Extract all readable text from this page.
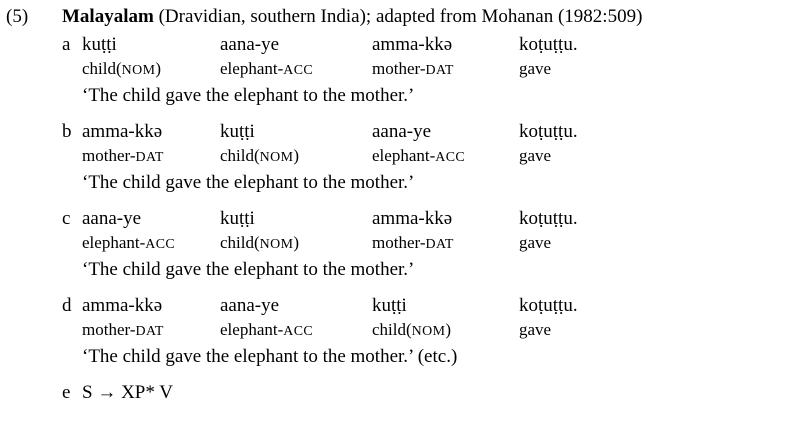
(5)	Malayalam (Dravidian, southern India); adapted from Mohanan (1982:509)
a kuṭṭi	aana-ye	amma-kkə	koṭuṭṭu.
child(NOM)	elephant-ACC	mother-DAT	gave
‘The child gave the elephant to the mother.’
b amma-kkə	kuṭṭi	aana-ye	koṭuṭṭu.
mother-DAT	child(NOM)	elephant-ACC	gave
‘The child gave the elephant to the mother.’
c aana-ye	kuṭṭi	amma-kkə	koṭuṭṭu.
elephant-ACC	child(NOM)	mother-DAT	gave
‘The child gave the elephant to the mother.’
d amma-kkə	aana-ye	kuṭṭi	koṭuṭṭu.
mother-DAT	elephant-ACC	child(NOM)	gave
‘The child gave the elephant to the mother.’ (etc.)
e S → XP* V
